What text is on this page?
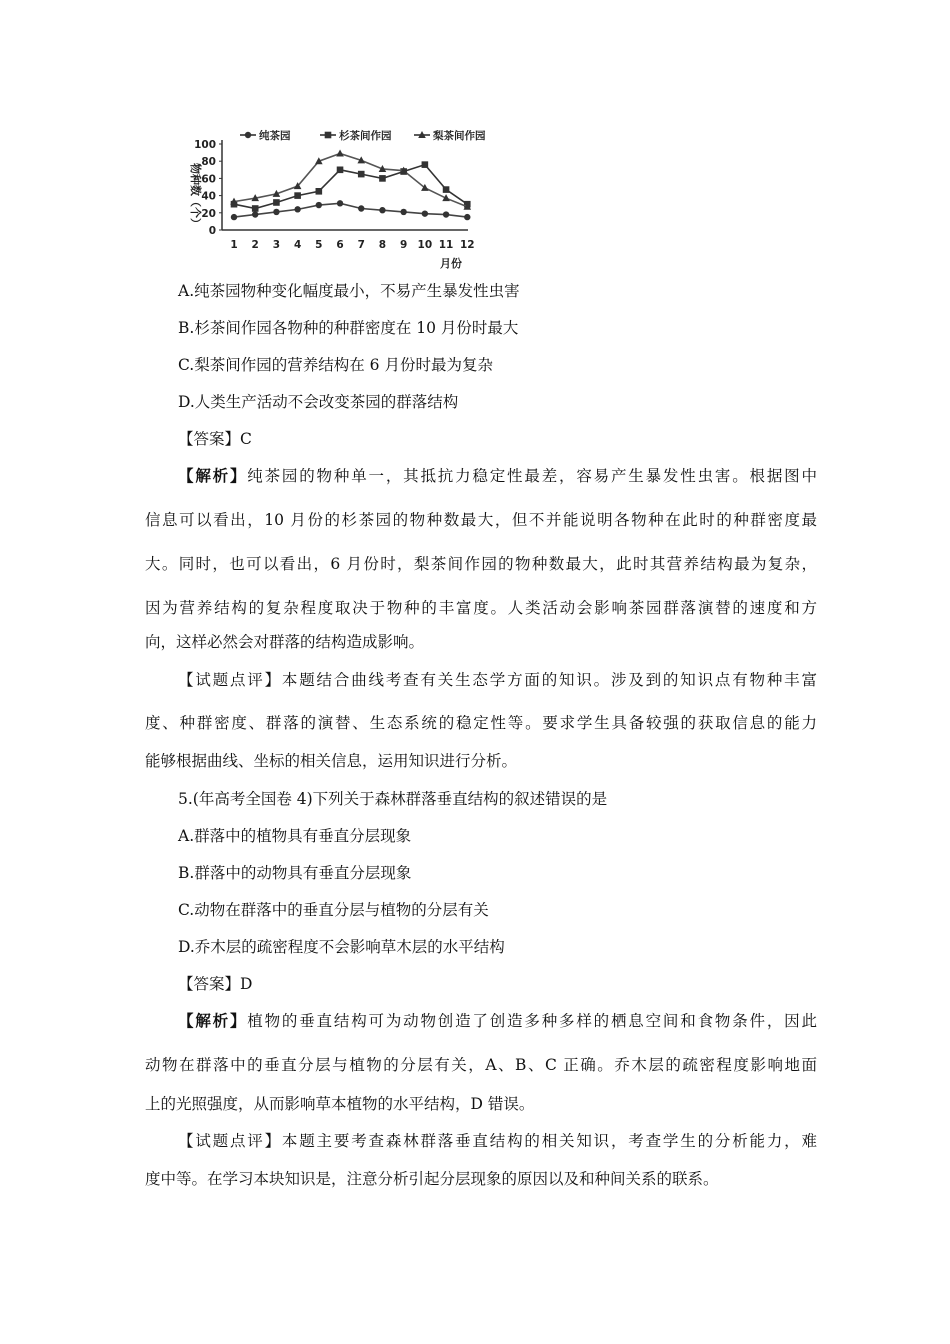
纯茶园	杉茶间作园	梨茶间作园
物种数（个）
0
20
40
60
80
100
1 2 3 4 5 6 7 8 9 10 11 12
月份
A.纯茶园物种变化幅度最小，不易产生暴发性虫害
B.杉茶间作园各物种的种群密度在 10 月份时最大
C.梨茶间作园的营养结构在 6 月份时最为复杂
D.人类生产活动不会改变茶园的群落结构
【答案】C
【解析】纯茶园的物种单一，其抵抗力稳定性最差，容易产生暴发性虫害。根据图中
信息可以看出，10 月份的杉茶园的物种数最大，但不并能说明各物种在此时的种群密度最
大。同时，也可以看出，6 月份时，梨茶间作园的物种数最大，此时其营养结构最为复杂，
因为营养结构的复杂程度取决于物种的丰富度。人类活动会影响茶园群落演替的速度和方
向，这样必然会对群落的结构造成影响。
【试题点评】本题结合曲线考查有关生态学方面的知识。涉及到的知识点有物种丰富
度、种群密度、群落的演替、生态系统的稳定性等。要求学生具备较强的获取信息的能力
能够根据曲线、坐标的相关信息，运用知识进行分析。
5.(年高考全国卷 4)下列关于森林群落垂直结构的叙述错误的是
A.群落中的植物具有垂直分层现象
B.群落中的动物具有垂直分层现象
C.动物在群落中的垂直分层与植物的分层有关
D.乔木层的疏密程度不会影响草木层的水平结构
【答案】D
【解析】植物的垂直结构可为动物创造了创造多种多样的栖息空间和食物条件，因此
动物在群落中的垂直分层与植物的分层有关，A、B、C 正确。乔木层的疏密程度影响地面
上的光照强度，从而影响草本植物的水平结构，D 错误。
【试题点评】本题主要考查森林群落垂直结构的相关知识，考查学生的分析能力，难
度中等。在学习本块知识是，注意分析引起分层现象的原因以及和种间关系的联系。
